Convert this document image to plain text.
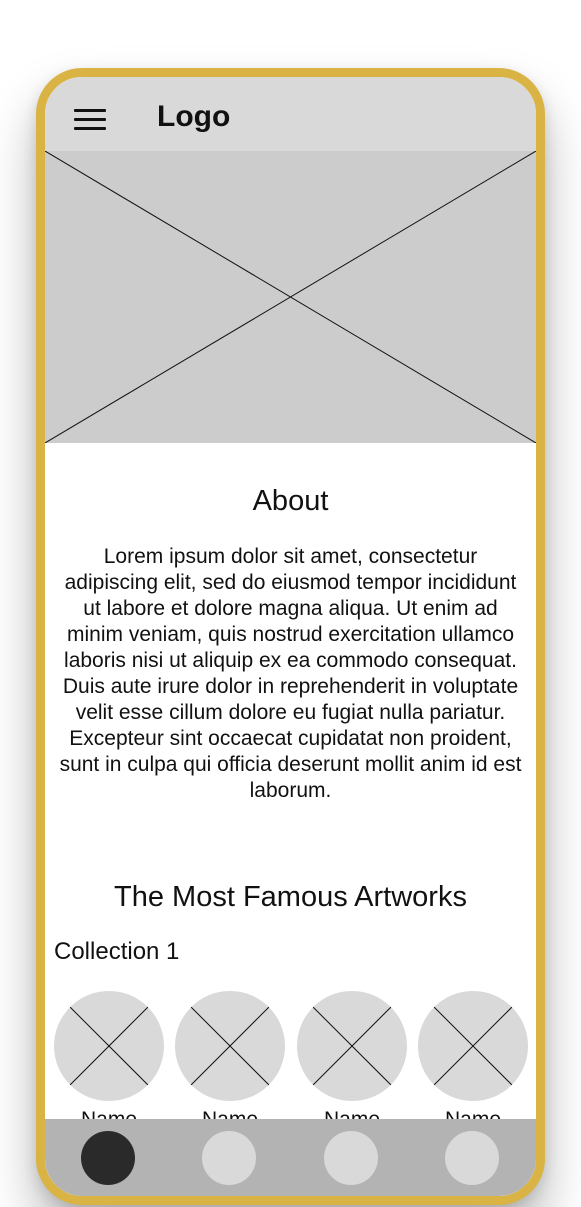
Logo
About
Lorem ipsum dolor sit amet, consectetur adipiscing elit, sed do eiusmod tempor incididunt ut labore et dolore magna aliqua. Ut enim ad minim veniam, quis nostrud exercitation ullamco laboris nisi ut aliquip ex ea commodo consequat. Duis aute irure dolor in reprehenderit in voluptate velit esse cillum dolore eu fugiat nulla pariatur. Excepteur sint occaecat cupidatat non proident, sunt in culpa qui officia deserunt mollit anim id est laborum.
The Most Famous Artworks
Collection 1
